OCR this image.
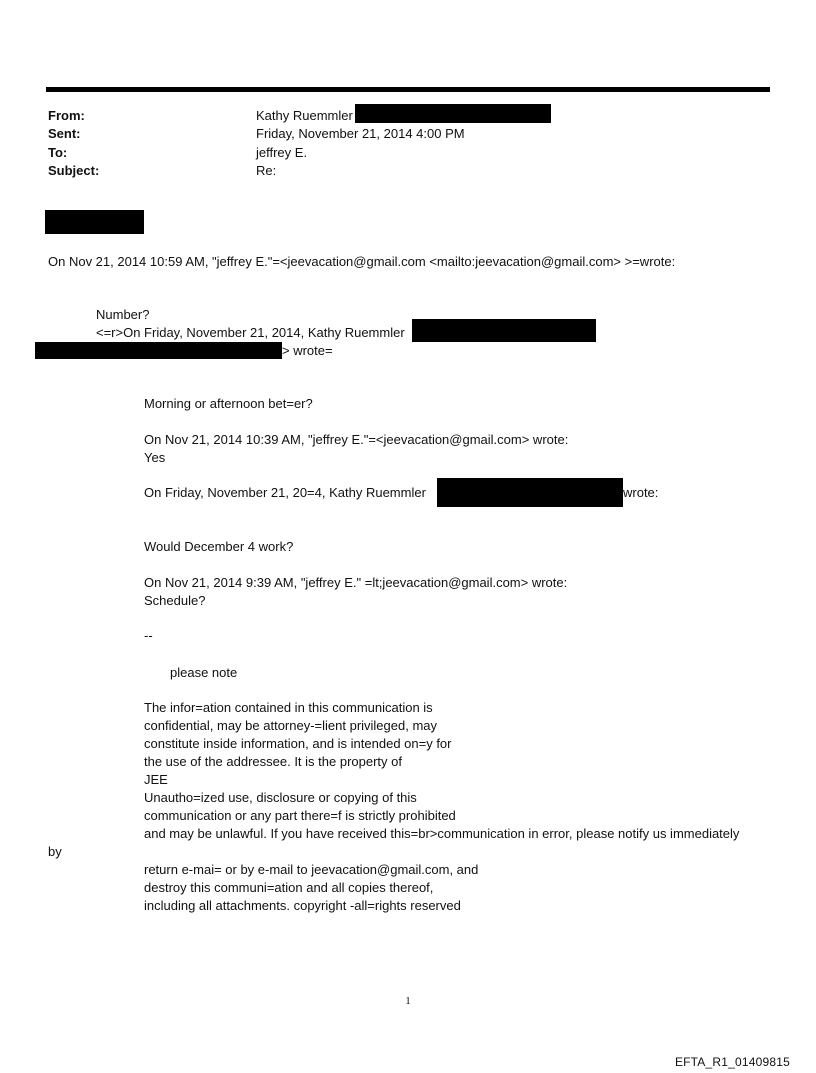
From:	Kathy Ruemmler
Sent:	Friday, November 21, 2014 4:00 PM
To:	jeffrey E.
Subject:	Re:
On Nov 21, 2014 10:59 AM, "jeffrey E."=<jeevacation@gmail.com <mailto:jeevacation@gmail.com> >=wrote:
Number?
<=r>On Friday, November 21, 2014, Kathy Ruemmler
> wrote=
Morning or afternoon bet=er?
On Nov 21, 2014 10:39 AM, "jeffrey E."=<jeevacation@gmail.com> wrote:
Yes
On Friday, November 21, 20=4, Kathy Ruemmler	wrote:
Would December 4 work?
On Nov 21, 2014 9:39 AM, "jeffrey E." =lt;jeevacation@gmail.com> wrote:
Schedule?
--
please note
The infor=ation contained in this communication is
confidential, may be attorney-=lient privileged, may
constitute inside information, and is intended on=y for
the use of the addressee. It is the property of
JEE
Unautho=ized use, disclosure or copying of this
communication or any part there=f is strictly prohibited
and may be unlawful. If you have received this=br>communication in error, please notify us immediately
by
return e-mai= or by e-mail to jeevacation@gmail.com, and
destroy this communi=ation and all copies thereof,
including all attachments. copyright -all=rights reserved
1
EFTA_R1_01409815
